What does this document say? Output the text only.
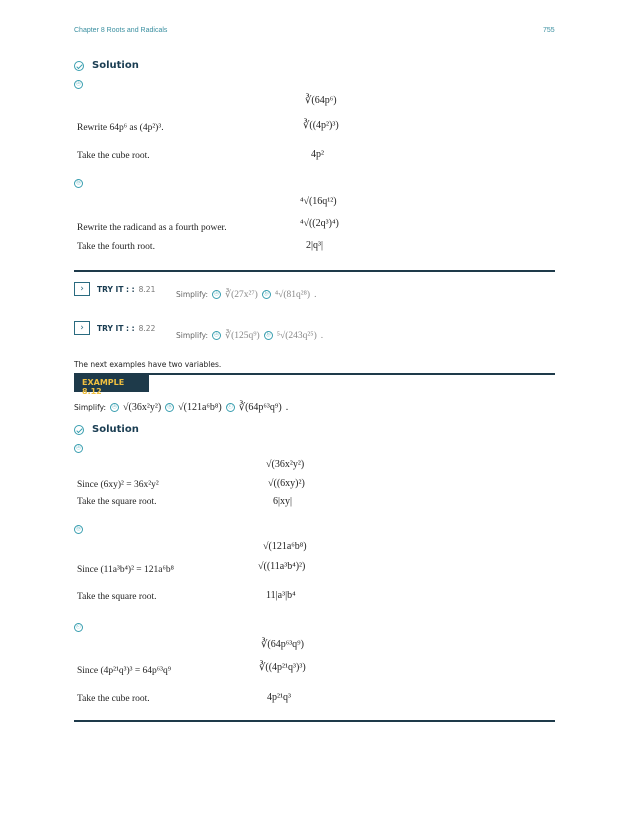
Chapter 8 Roots and Radicals	755
Solution
ⓐ
∛(64p⁶)
Rewrite 64p⁶ as (4p²)³.	∛((4p²)³)
Take the cube root.	4p²
ⓑ
⁴√(16q¹²)
Rewrite the radicand as a fourth power.	⁴√((2q³)⁴)
Take the fourth root.	2|q³|
› TRY IT : : 8.21
Simplify:	ⓐ ∛(27x²⁷)	ⓑ ⁴√(81q²⁸) .
› TRY IT : : 8.22
Simplify:	ⓐ ∛(125q⁹)	ⓑ ⁵√(243q²⁵) .
The next examples have two variables.
EXAMPLE 8.12
Simplify:	ⓐ √(36x²y²)	ⓑ √(121a⁶b⁸)	ⓒ ∛(64p⁶³q⁹) .
Solution
ⓐ
√(36x²y²)
Since (6xy)² = 36x²y²	√((6xy)²)
Take the square root.	6|xy|
ⓑ
√(121a⁶b⁸)
Since (11a³b⁴)² = 121a⁶b⁸	√((11a³b⁴)²)
Take the square root.	11|a³|b⁴
ⓒ
∛(64p⁶³q⁹)
Since (4p²¹q³)³ = 64p⁶³q⁹	∛((4p²¹q³)³)
Take the cube root.	4p²¹q³
